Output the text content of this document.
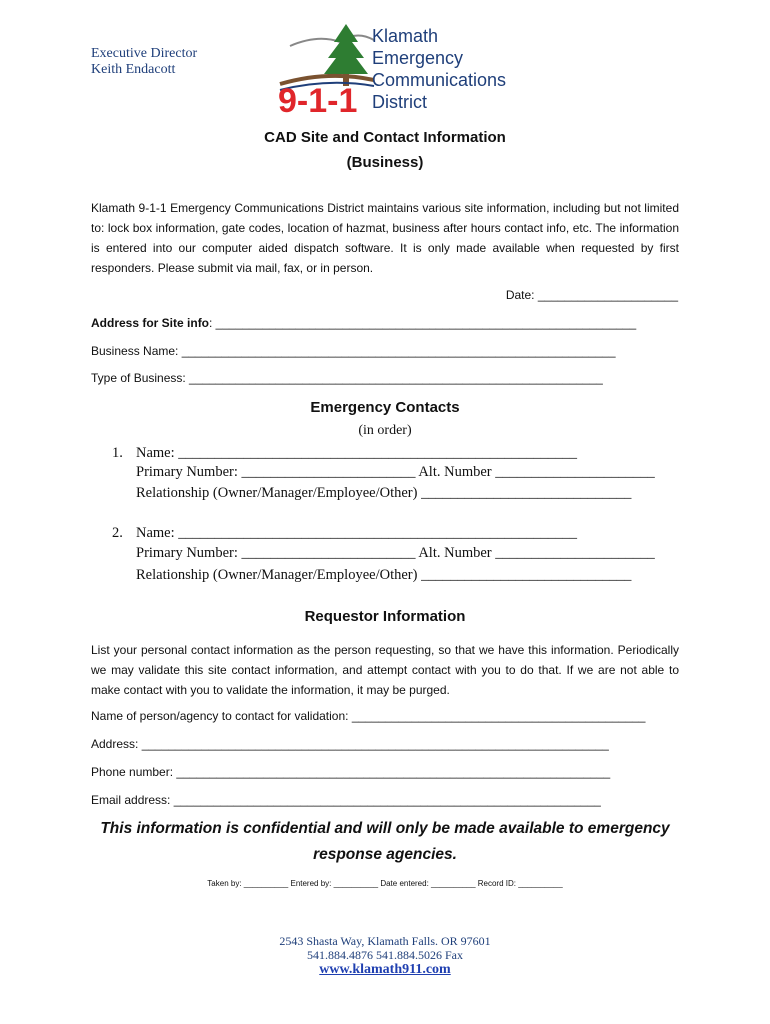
Executive Director
Keith Endacott
9-1-1
Klamath
Emergency
Communications
District
CAD Site and Contact Information
(Business)
Klamath 9-1-1 Emergency Communications District maintains various site information, including but not limited to: lock box information, gate codes, location of hazmat, business after hours contact info, etc. The information is entered into our computer aided dispatch software. It is only made available when requested by first responders. Please submit via mail, fax, or in person.
Date: _____________________
Address for Site info: _______________________________________________________________
Business Name: _________________________________________________________________
Type of Business: ______________________________________________________________
Emergency Contacts
(in order)
1. Name: _______________________________________________________
Primary Number: ________________________ Alt. Number ______________________
Relationship (Owner/Manager/Employee/Other) _____________________________
2. Name: _______________________________________________________
Primary Number: ________________________ Alt. Number ______________________
Relationship (Owner/Manager/Employee/Other) _____________________________
Requestor Information
List your personal contact information as the person requesting, so that we have this information. Periodically we may validate this site contact information, and attempt contact with you to do that. If we are not able to make contact with you to validate the information, it may be purged.
Name of person/agency to contact for validation: ____________________________________________
Address: ______________________________________________________________________
Phone number: _________________________________________________________________
Email address: ________________________________________________________________
This information is confidential and will only be made available to emergency
response agencies.
Taken by: __________ Entered by: __________ Date entered: __________ Record ID: __________
2543 Shasta Way, Klamath Falls. OR 97601
541.884.4876 541.884.5026 Fax
www.klamath911.com
